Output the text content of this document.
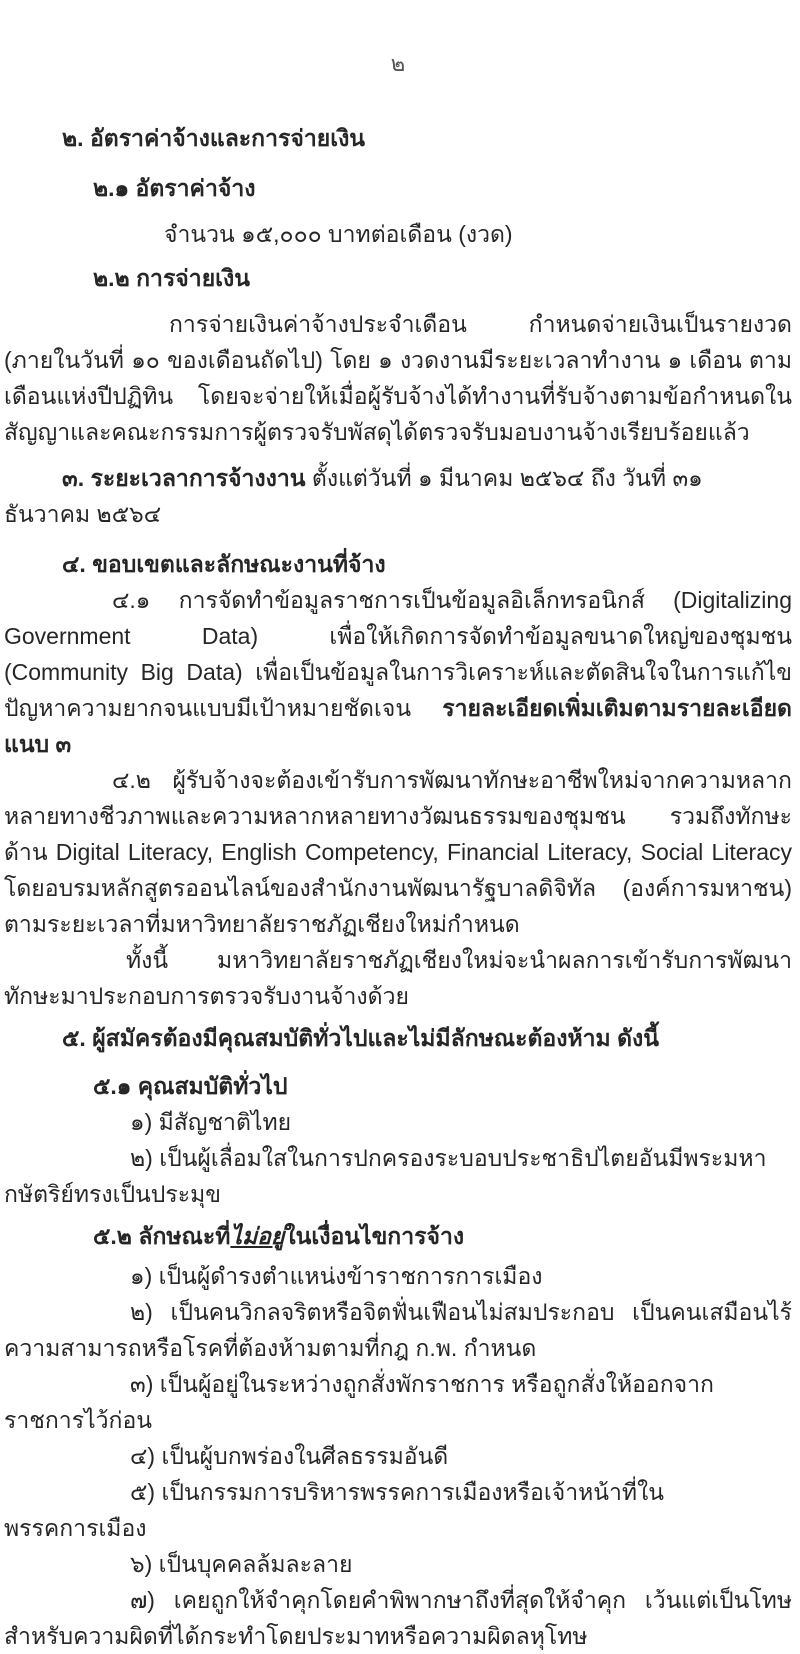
๒

๒. อัตราค่าจ้างและการจ่ายเงิน

๒.๑ อัตราค่าจ้าง

จำนวน ๑๕,๐๐๐ บาทต่อเดือน (งวด)

๒.๒ การจ่ายเงิน

การจ่ายเงินค่าจ้างประจำเดือน กำหนดจ่ายเงินเป็นรายงวด (ภายในวันที่ ๑๐ ของเดือนถัดไป) โดย ๑ งวดงานมีระยะเวลาทำงาน ๑ เดือน ตามเดือนแห่งปีปฏิทิน โดยจะจ่ายให้เมื่อผู้รับจ้างได้ทำงานที่รับจ้างตามข้อกำหนดในสัญญาและคณะกรรมการผู้ตรวจรับพัสดุได้ตรวจรับมอบงานจ้างเรียบร้อยแล้ว

๓. ระยะเวลาการจ้างงาน ตั้งแต่วันที่ ๑ มีนาคม ๒๕๖๔ ถึง วันที่ ๓๑ ธันวาคม ๒๕๖๔

๔. ขอบเขตและลักษณะงานที่จ้าง

๔.๑ การจัดทำข้อมูลราชการเป็นข้อมูลอิเล็กทรอนิกส์ (Digitalizing Government Data) เพื่อให้เกิดการจัดทำข้อมูลขนาดใหญ่ของชุมชน (Community Big Data) เพื่อเป็นข้อมูลในการวิเคราะห์และตัดสินใจในการแก้ไขปัญหาความยากจนแบบมีเป้าหมายชัดเจน รายละเอียดเพิ่มเติมตามรายละเอียดแนบ ๓

๔.๒ ผู้รับจ้างจะต้องเข้ารับการพัฒนาทักษะอาชีพใหม่จากความหลากหลายทางชีวภาพและความหลากหลายทางวัฒนธรรมของชุมชน รวมถึงทักษะด้าน Digital Literacy, English Competency, Financial Literacy, Social Literacy โดยอบรมหลักสูตรออนไลน์ของสำนักงานพัฒนารัฐบาลดิจิทัล (องค์การมหาชน) ตามระยะเวลาที่มหาวิทยาลัยราชภัฏเชียงใหม่กำหนด

ทั้งนี้ มหาวิทยาลัยราชภัฏเชียงใหม่จะนำผลการเข้ารับการพัฒนาทักษะมาประกอบการตรวจรับงานจ้างด้วย

๕. ผู้สมัครต้องมีคุณสมบัติทั่วไปและไม่มีลักษณะต้องห้าม ดังนี้

๕.๑ คุณสมบัติทั่วไป

๑) มีสัญชาติไทย

๒) เป็นผู้เลื่อมใสในการปกครองระบอบประชาธิปไตยอันมีพระมหากษัตริย์ทรงเป็นประมุข

๕.๒ ลักษณะที่ไม่อยู่ในเงื่อนไขการจ้าง

๑) เป็นผู้ดำรงตำแหน่งข้าราชการการเมือง

๒) เป็นคนวิกลจริตหรือจิตฟั่นเฟือนไม่สมประกอบ เป็นคนเสมือนไร้ความสามารถหรือโรคที่ต้องห้ามตามที่กฎ ก.พ. กำหนด

๓) เป็นผู้อยู่ในระหว่างถูกสั่งพักราชการ หรือถูกสั่งให้ออกจากราชการไว้ก่อน

๔) เป็นผู้บกพร่องในศีลธรรมอันดี

๕) เป็นกรรมการบริหารพรรคการเมืองหรือเจ้าหน้าที่ในพรรคการเมือง

๖) เป็นบุคคลล้มละลาย

๗) เคยถูกให้จำคุกโดยคำพิพากษาถึงที่สุดให้จำคุก เว้นแต่เป็นโทษสำหรับความผิดที่ได้กระทำโดยประมาทหรือความผิดลหุโทษ
